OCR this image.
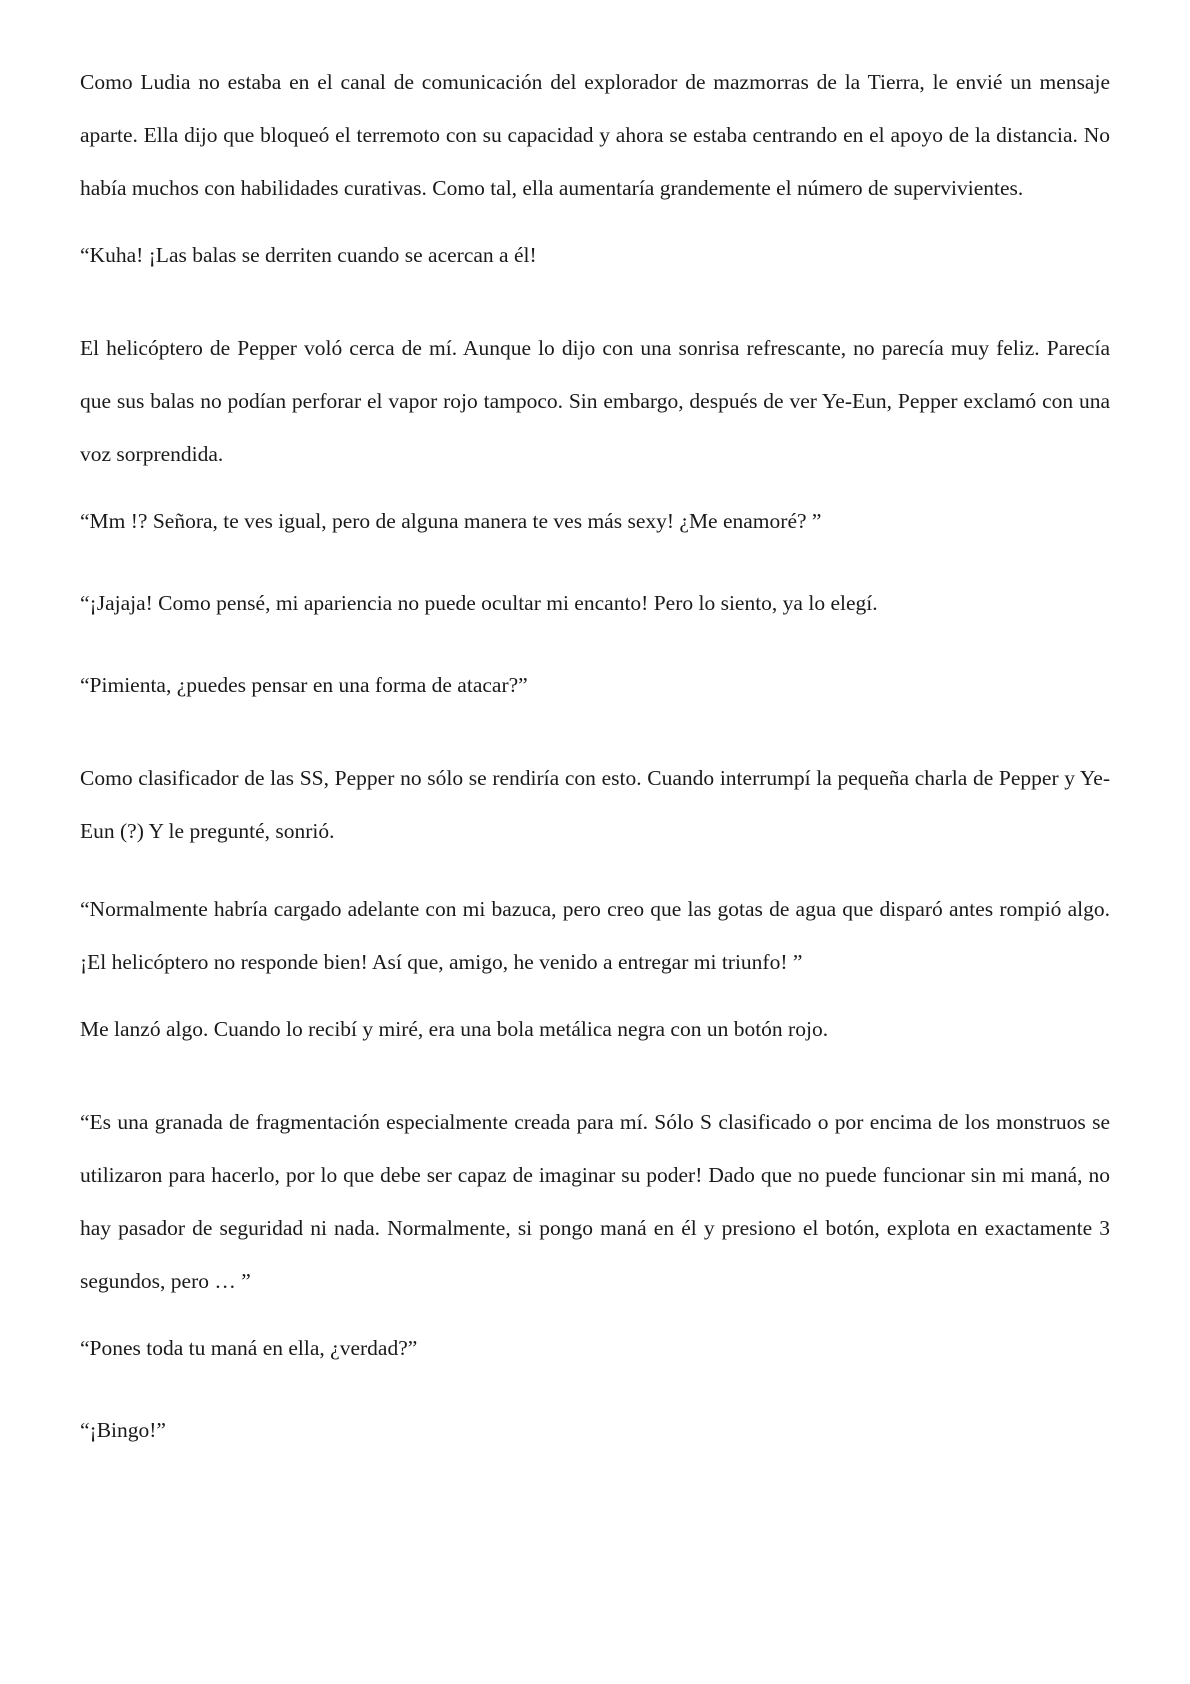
Como Ludia no estaba en el canal de comunicación del explorador de mazmorras de la Tierra, le envié un mensaje aparte. Ella dijo que bloqueó el terremoto con su capacidad y ahora se estaba centrando en el apoyo de la distancia. No había muchos con habilidades curativas. Como tal, ella aumentaría grandemente el número de supervivientes.

“Kuha! ¡Las balas se derriten cuando se acercan a él!

El helicóptero de Pepper voló cerca de mí. Aunque lo dijo con una sonrisa refrescante, no parecía muy feliz. Parecía que sus balas no podían perforar el vapor rojo tampoco. Sin embargo, después de ver Ye-Eun, Pepper exclamó con una voz sorprendida.

“Mm !? Señora, te ves igual, pero de alguna manera te ves más sexy! ¿Me enamoré? ”

“¡Jajaja! Como pensé, mi apariencia no puede ocultar mi encanto! Pero lo siento, ya lo elegí.

“Pimienta, ¿puedes pensar en una forma de atacar?”

Como clasificador de las SS, Pepper no sólo se rendiría con esto. Cuando interrumpí la pequeña charla de Pepper y Ye-Eun (?) Y le pregunté, sonrió.

“Normalmente habría cargado adelante con mi bazuca, pero creo que las gotas de agua que disparó antes rompió algo. ¡El helicóptero no responde bien! Así que, amigo, he venido a entregar mi triunfo! ”

Me lanzó algo. Cuando lo recibí y miré, era una bola metálica negra con un botón rojo.

“Es una granada de fragmentación especialmente creada para mí. Sólo S clasificado o por encima de los monstruos se utilizaron para hacerlo, por lo que debe ser capaz de imaginar su poder! Dado que no puede funcionar sin mi maná, no hay pasador de seguridad ni nada. Normalmente, si pongo maná en él y presiono el botón, explota en exactamente 3 segundos, pero … ”

“Pones toda tu maná en ella, ¿verdad?”

“¡Bingo!”
